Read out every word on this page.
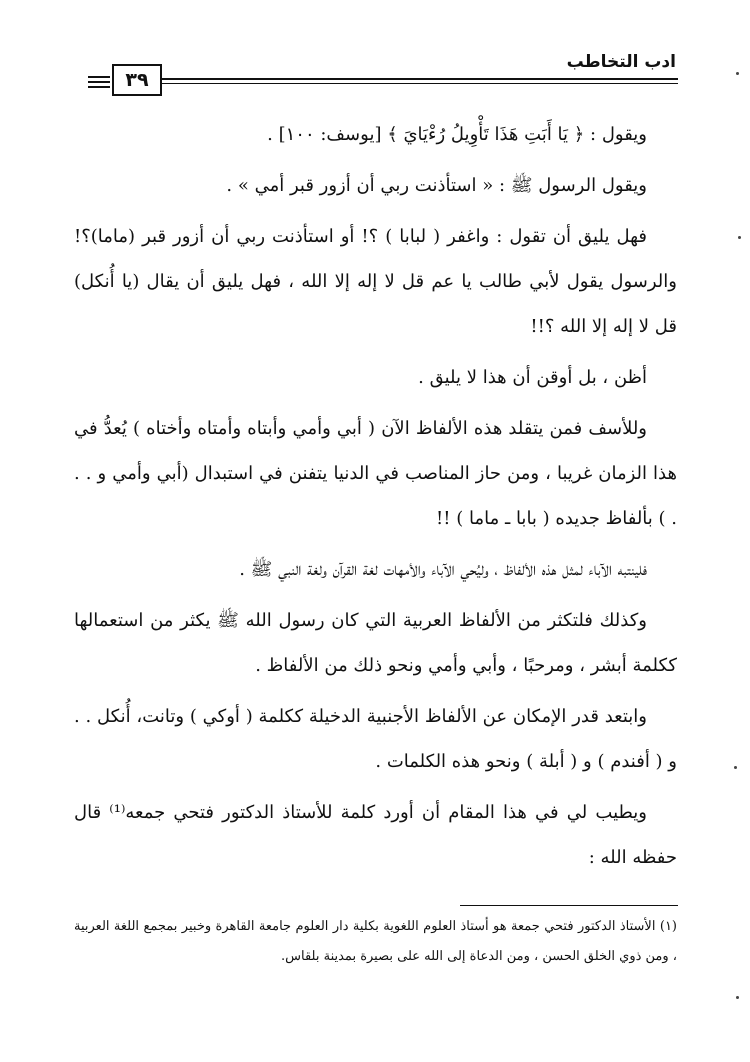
ادب التخاطب
٣٩

ويقول : ﴿ يَا أَبَتِ هَذَا تَأْوِيلُ رُءْيَايَ ﴾ [يوسف: ١٠٠] .

ويقول الرسول ﷺ : « استأذنت ربي أن أزور قبر أمي » .

فهل يليق أن تقول : واغفر ( لبابا ) ؟! أو استأذنت ربي أن أزور قبر (ماما)؟! والرسول يقول لأبي طالب يا عم قل لا إله إلا الله ، فهل يليق أن يقال (يا أُنكل) قل لا إله إلا الله ؟!!

أظن ، بل أوقن أن هذا لا يليق .

وللأسف فمن يتقلد هذه الألفاظ الآن ( أبي وأمي وأبتاه وأمتاه وأختاه ) يُعدُّ في هذا الزمان غريبا ، ومن حاز المناصب في الدنيا يتفنن في استبدال (أبي وأمي و . . . ) بألفاظ جديده ( بابا ـ ماما ) !!

فلينتبه الآباء لمثل هذه الألفاظ ، وليُحي الآباء والأمهات لغة القرآن ولغة النبي ﷺ .

وكذلك فلتكثر من الألفاظ العربية التي كان رسول الله ﷺ يكثر من استعمالها ككلمة أبشر ، ومرحبًا ، وأبي وأمي ونحو ذلك من الألفاظ .

وابتعد قدر الإمكان عن الألفاظ الأجنبية الدخيلة ككلمة ( أوكي ) وتانت، أُنكل . . و ( أفندم ) و ( أبلة ) ونحو هذه الكلمات .

ويطيب لي في هذا المقام أن أورد كلمة للأستاذ الدكتور فتحي جمعه⁽¹⁾ قال حفظه الله :

(١) الأستاذ الدكتور فتحي جمعة هو أستاذ العلوم اللغوية بكلية دار العلوم جامعة القاهرة وخبير بمجمع اللغة العربية ، ومن ذوي الخلق الحسن ، ومن الدعاة إلى الله على بصيرة بمدينة بلقاس.
